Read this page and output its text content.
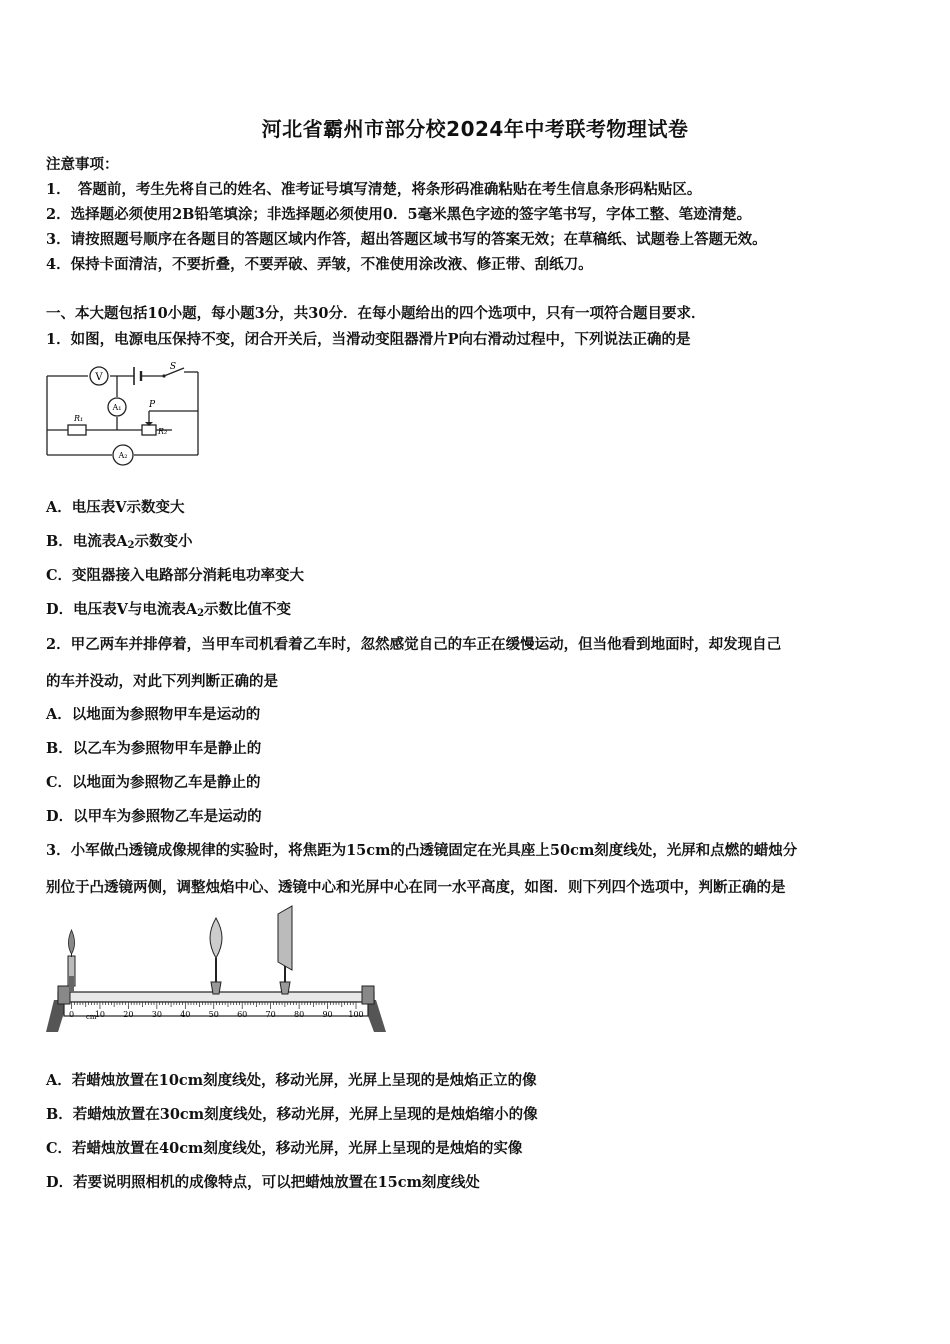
河北省霸州市部分校2024年中考联考物理试卷
注意事项：
1．　答题前，考生先将自己的姓名、准考证号填写清楚，将条形码准确粘贴在考生信息条形码粘贴区。
2．选择题必须使用2B铅笔填涂；非选择题必须使用0．5毫米黑色字迹的签字笔书写，字体工整、笔迹清楚。
3．请按照题号顺序在各题目的答题区域内作答，超出答题区域书写的答案无效；在草稿纸、试题卷上答题无效。
4．保持卡面清洁，不要折叠，不要弄破、弄皱，不准使用涂改液、修正带、刮纸刀。
一、本大题包括10小题，每小题3分，共30分．在每小题给出的四个选项中，只有一项符合题目要求．
1．如图，电源电压保持不变，闭合开关后，当滑动变阻器滑片P向右滑动过程中，下列说法正确的是
V
S
A₁	P
R₁
R₂
A₂
A．电压表V示数变大
B．电流表$A_2$示数变小
C．变阻器接入电路部分消耗电功率变大
D．电压表V与电流表$A_2$示数比值不变
2．甲乙两车并排停着，当甲车司机看着乙车时，忽然感觉自己的车正在缓慢运动，但当他看到地面时，却发现自己
的车并没动，对此下列判断正确的是
A．以地面为参照物甲车是运动的
B．以乙车为参照物甲车是静止的
C．以地面为参照物乙车是静止的
D．以甲车为参照物乙车是运动的
3．小军做凸透镜成像规律的实验时，将焦距为15cm的凸透镜固定在光具座上50cm刻度线处，光屏和点燃的蜡烛分
别位于凸透镜两侧，调整烛焰中心、透镜中心和光屏中心在同一水平高度，如图．则下列四个选项中，判断正确的是
0	10 20 30 40 50 60 70 80 90 100
cm
A．若蜡烛放置在10cm刻度线处，移动光屏，光屏上呈现的是烛焰正立的像
B．若蜡烛放置在30cm刻度线处，移动光屏，光屏上呈现的是烛焰缩小的像
C．若蜡烛放置在40cm刻度线处，移动光屏，光屏上呈现的是烛焰的实像
D．若要说明照相机的成像特点，可以把蜡烛放置在15cm刻度线处
